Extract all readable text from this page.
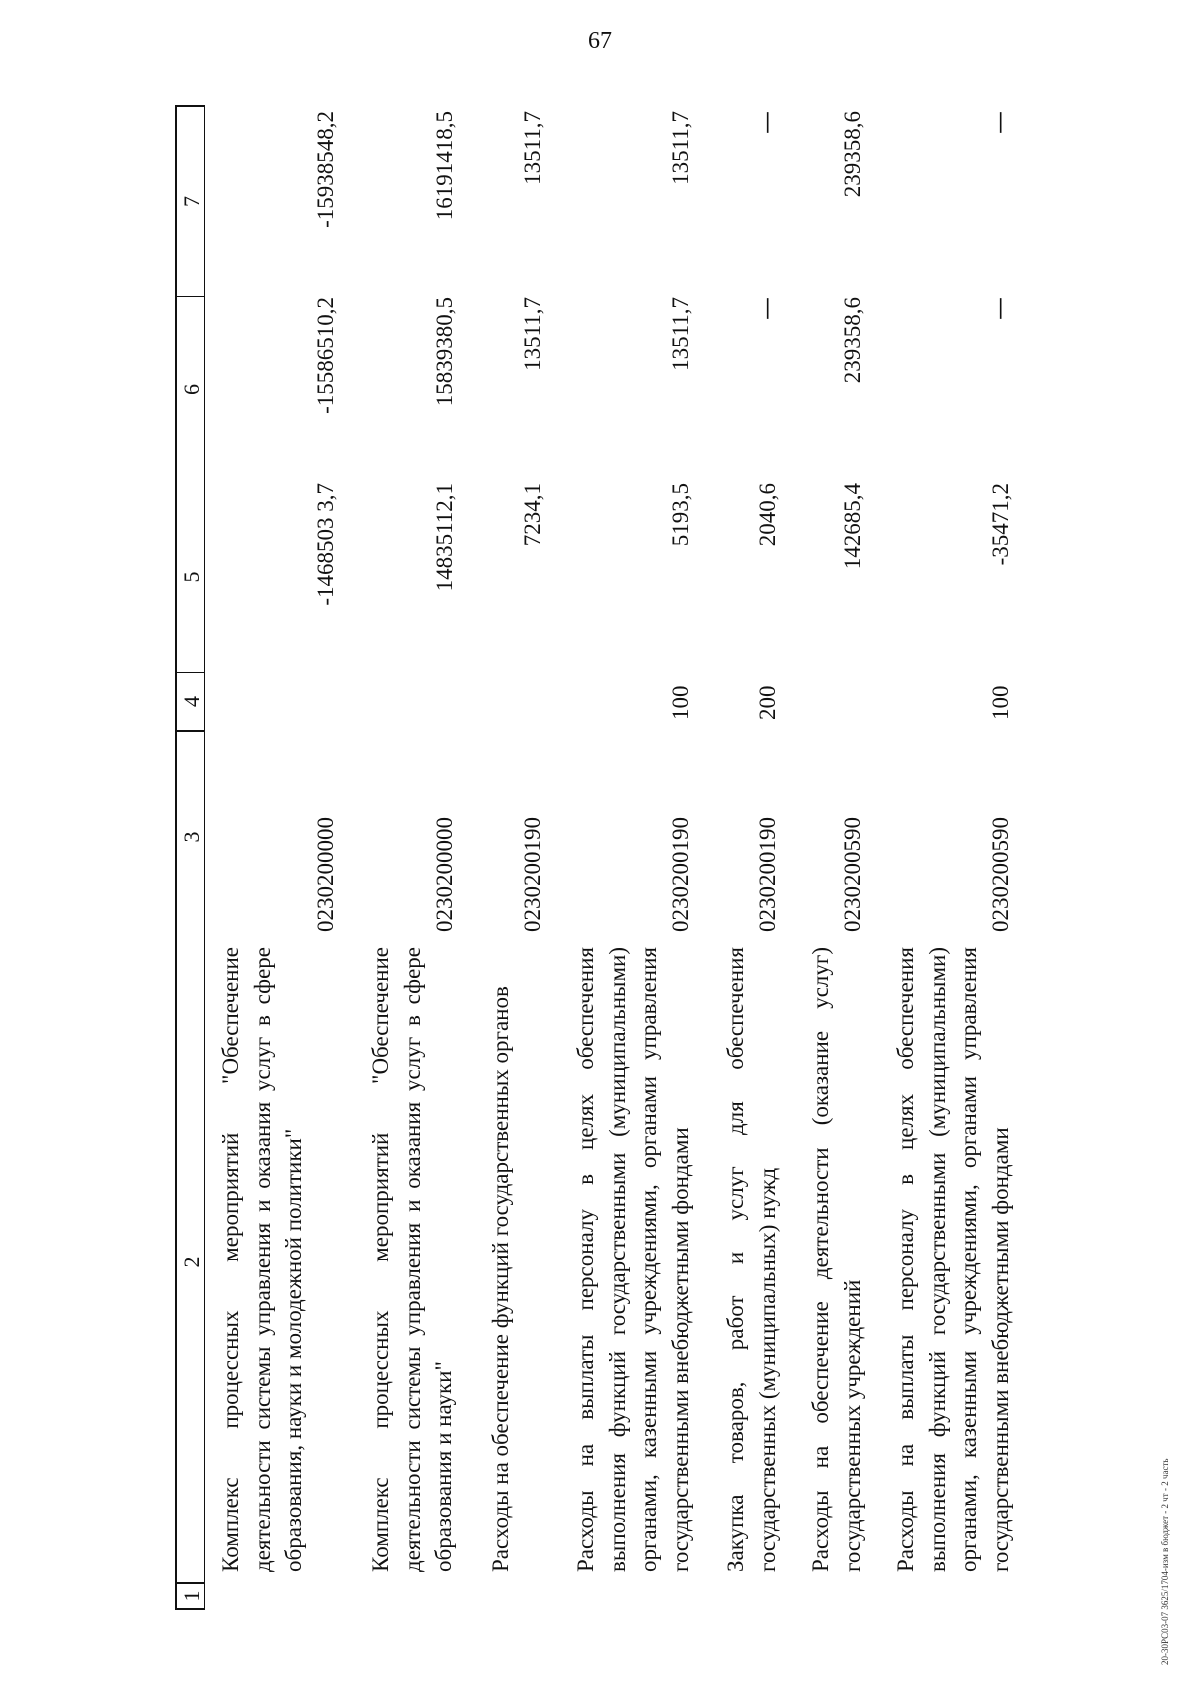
67
1
2
3
4
5
6
7
Комплекс процессных мероприятий "Обеспечение деятельности системы управления и оказания услуг в сфере образования, науки и молодежной политики"
0230200000
-1468503 3,7
-15586510,2
-15938548,2
Комплекс процессных мероприятий "Обеспечение деятельности системы управления и оказания услуг в сфере образования и науки"
0230200000
14835112,1
15839380,5
16191418,5
Расходы на обеспечение функций государственных органов
0230200190
7234,1
13511,7
13511,7
Расходы на выплаты персоналу в целях обеспечения выполнения функций государственными (муниципальными) органами, казенными учреждениями, органами управления государственными внебюджетными фондами
0230200190
100
5193,5
13511,7
13511,7
Закупка товаров, работ и услуг для обеспечения государственных (муниципальных) нужд
0230200190
200
2040,6
—
—
Расходы на обеспечение деятельности (оказание услуг) государственных учреждений
0230200590
142685,4
239358,6
239358,6
Расходы на выплаты персоналу в целях обеспечения выполнения функций государственными (муниципальными) органами, казенными учреждениями, органами управления государственными внебюджетными фондами
0230200590
100
-35471,2
—
—
20-30РС03-07 3625/1704-изм в бюджет - 2 чт - 2 часть
